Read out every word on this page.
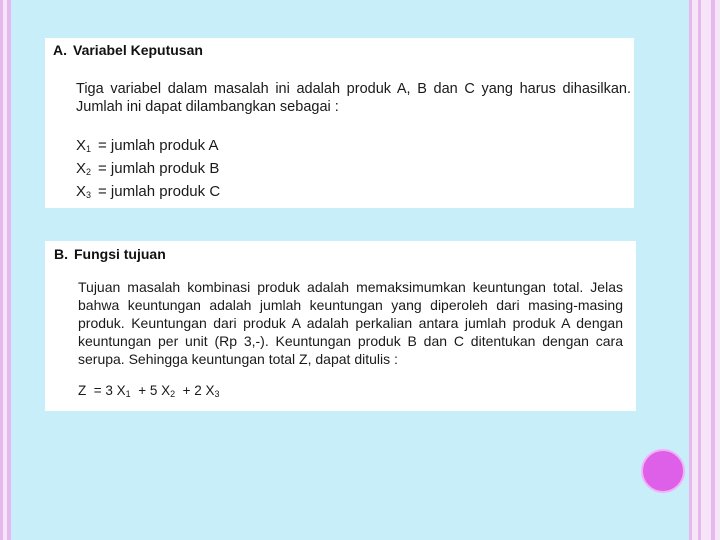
A. Variabel Keputusan
Tiga variabel dalam masalah ini adalah produk A, B dan C yang harus dihasilkan.
Jumlah ini dapat dilambangkan sebagai :
$X_1$ = jumlah produk A
$X_2$ = jumlah produk B
$X_3$ = jumlah produk C
B. Fungsi tujuan
Tujuan masalah kombinasi produk adalah memaksimumkan keuntungan total. Jelas
bahwa keuntungan adalah jumlah keuntungan yang diperoleh dari masing-masing
produk. Keuntungan dari produk A adalah perkalian antara jumlah produk A dengan
keuntungan per unit (Rp 3,-). Keuntungan produk B dan C ditentukan dengan cara
serupa. Sehingga keuntungan total Z, dapat ditulis :
Z = 3 $X_1 + 5$ $X_2 + 2$ $X_3$
